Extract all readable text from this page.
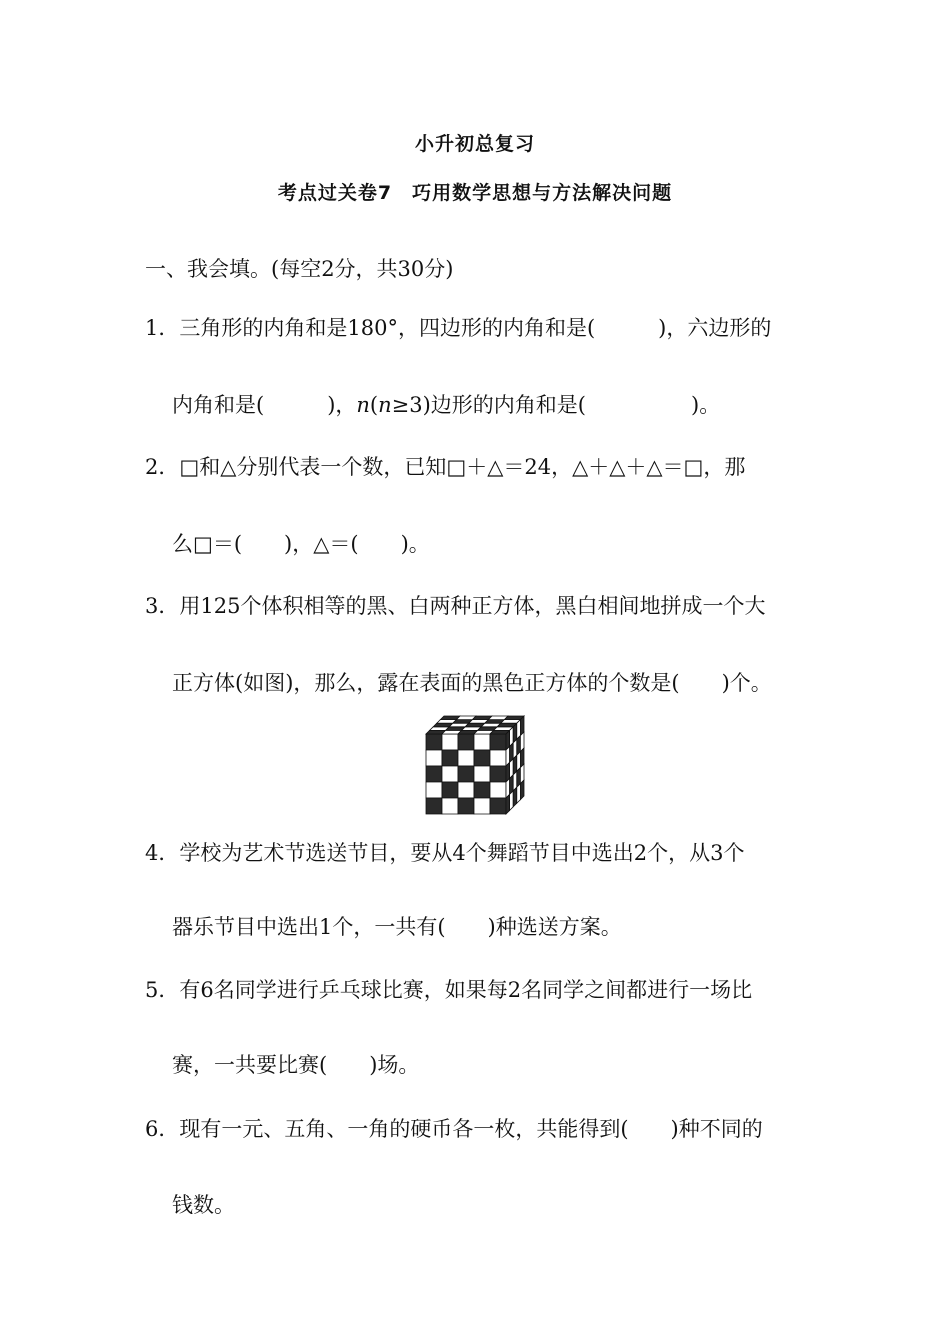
小升初总复习
考点过关卷7　巧用数学思想与方法解决问题
一、我会填。(每空2分，共30分)
1．三角形的内角和是180°，四边形的内角和是(　　　)，六边形的
内角和是(　　　)，n(n≥3)边形的内角和是(　　　　　)。
2．□和△分别代表一个数，已知□＋△＝24，△＋△＋△＝□，那
么□＝(　　)，△＝(　　)。
3．用125个体积相等的黑、白两种正方体，黑白相间地拼成一个大
正方体(如图)，那么，露在表面的黑色正方体的个数是(　　)个。
4．学校为艺术节选送节目，要从4个舞蹈节目中选出2个，从3个
器乐节目中选出1个，一共有(　　)种选送方案。
5．有6名同学进行乒乓球比赛，如果每2名同学之间都进行一场比
赛，一共要比赛(　　)场。
6．现有一元、五角、一角的硬币各一枚，共能得到(　　)种不同的
钱数。
